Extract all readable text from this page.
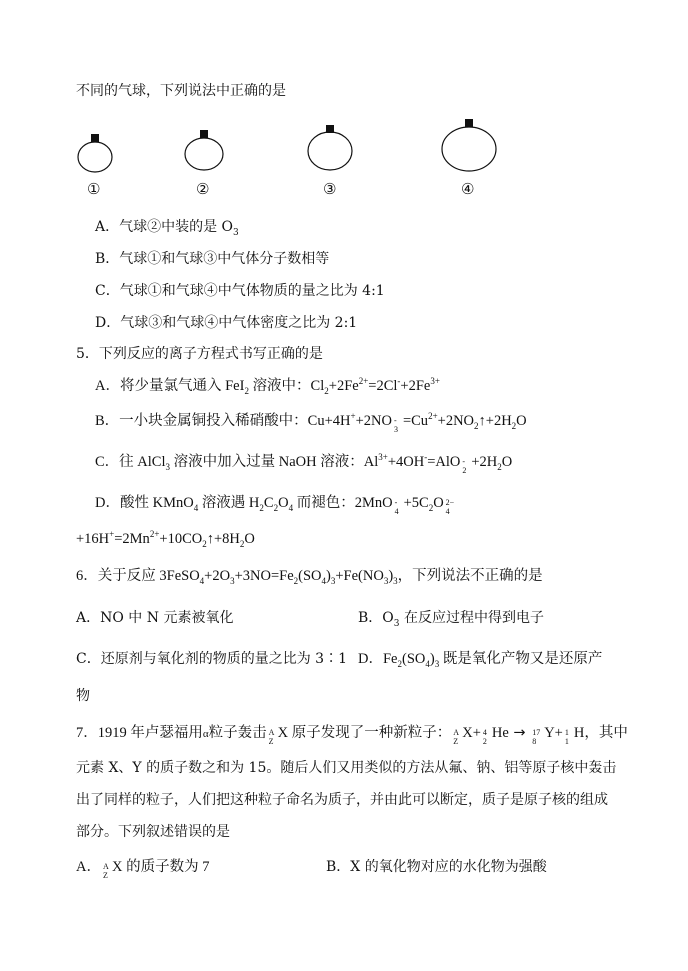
不同的气球，下列说法中正确的是
①	②	③	④
A．气球②中装的是 $O_3$
B．气球①和气球③中气体分子数相等
C．气球①和气球④中气体物质的量之比为 4:1
D．气球③和气球④中气体密度之比为 2:1
5．下列反应的离子方程式书写正确的是
A．将少量氯气通入 FeI$_2$ 溶液中：$Cl_2+2Fe^{2+}=2Cl^-+2Fe^{3+}$
B．一小块金属铜投入稀硝酸中：Cu+4H++2NO -
3
$=Cu^{2+}+2NO_2↑+2H_2O$
C．往 AlCl$_3$ 溶液中加入过量 NaOH 溶液：$Al^{3+}+4OH^-=AlO$ -
2
$+2H_2O$
D．酸性 KMnO$_4$ 溶液遇 $H_2C_2O_4$ 而褪色：2MnO -
4
$+5C_2O$ 2−
4
$+16H^+=2Mn^{2+}+10CO_2↑+8H_2O$
6．关于反应 $3FeSO_4+2O_3+3NO=Fe_2(SO_4)_3+Fe(NO_3)_3$，下列说法不正确的是
A．NO 中 N 元素被氧化	B．$O_3$ 在反应过程中得到电子
C．还原剂与氧化剂的物质的量之比为 3∶1 D．$Fe_2(SO_4)_3$ 既是氧化产物又是还原产
物
7．1919 年卢瑟福用α粒子轰击 A
Z
X 原子发现了一种新粒子： A
Z
X+ 4
2
He → 17
8
Y+ 1
1
H，其中
元素 X、Y 的质子数之和为 15。随后人们又用类似的方法从氟、钠、铝等原子核中轰击
出了同样的粒子，人们把这种粒子命名为质子，并由此可以断定，质子是原子核的组成
部分。下列叙述错误的是
A． A
Z
X 的质子数为 7	B．X 的氧化物对应的水化物为强酸
